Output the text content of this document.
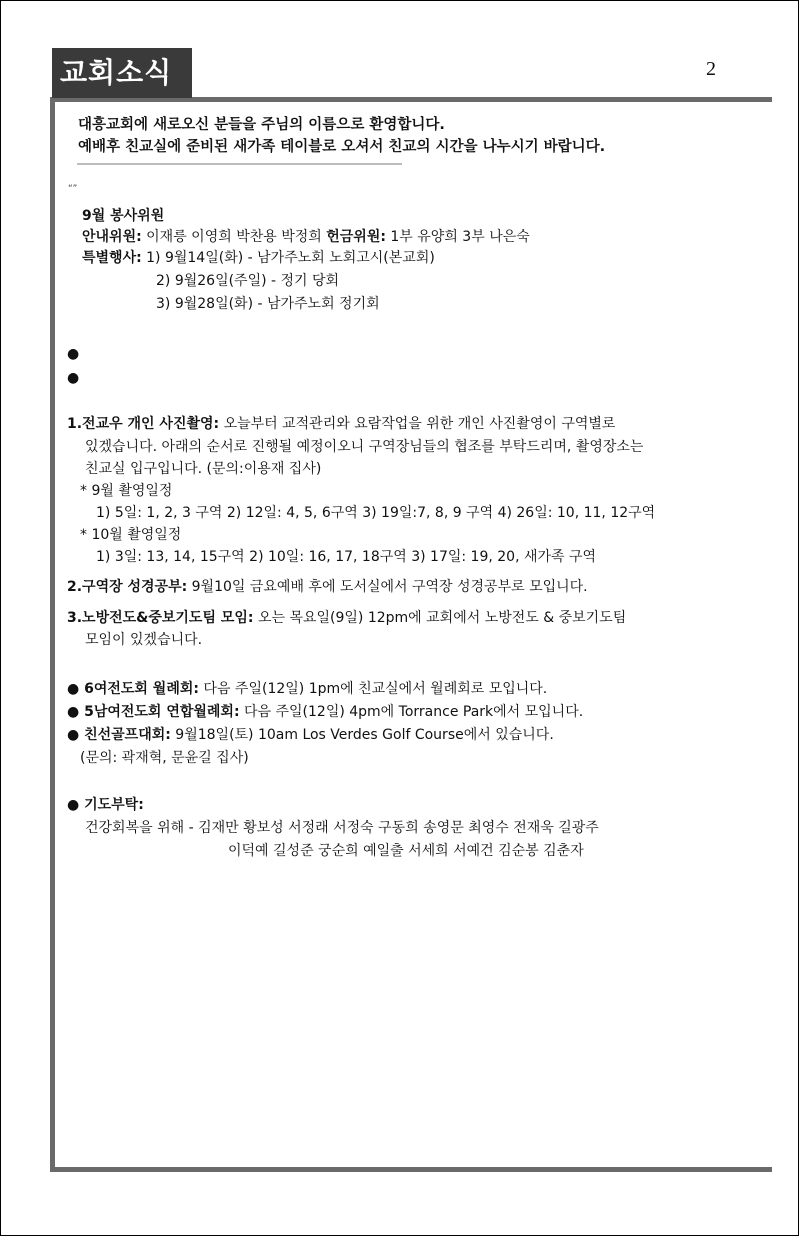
교회소식	2
대흥교회에 새로오신 분들을 주님의 이름으로 환영합니다.
예배후 친교실에 준비된 새가족 테이블로 오셔서 친교의 시간을 나누시기 바랍니다.
“”
9월 봉사위원
안내위원: 이재릉 이영희 박찬용 박정희 헌금위원: 1부 유양희 3부 나은숙
특별행사: 1) 9월14일(화) - 남가주노회 노회고시(본교회)
2) 9월26일(주일) - 정기 당회
3) 9월28일(화) - 남가주노회 정기회
●
●
1.전교우 개인 사진촬영: 오늘부터 교적관리와 요람작업을 위한 개인 사진촬영이 구역별로
있겠습니다. 아래의 순서로 진행될 예정이오니 구역장님들의 협조를 부탁드리며, 촬영장소는
친교실 입구입니다. (문의:이용재 집사)
* 9월 촬영일정
1) 5일: 1, 2, 3 구역 2) 12일: 4, 5, 6구역 3) 19일:7, 8, 9 구역 4) 26일: 10, 11, 12구역
* 10월 촬영일정
1) 3일: 13, 14, 15구역 2) 10일: 16, 17, 18구역 3) 17일: 19, 20, 새가족 구역
2.구역장 성경공부: 9월10일 금요예배 후에 도서실에서 구역장 성경공부로 모입니다.
3.노방전도&중보기도팀 모임: 오는 목요일(9일) 12pm에 교회에서 노방전도 & 중보기도팀
모임이 있겠습니다.
● 6여전도회 월례회: 다음 주일(12일) 1pm에 친교실에서 월례회로 모입니다.
● 5남여전도회 연합월례회: 다음 주일(12일) 4pm에 Torrance Park에서 모입니다.
● 친선골프대회: 9월18일(토) 10am Los Verdes Golf Course에서 있습니다.
(문의: 곽재혁, 문윤길 집사)
● 기도부탁:
건강회복을 위해 - 김재만 황보성 서정래 서정숙 구동희 송영문 최영수 전재욱 길광주
이덕예 길성준 궁순희 예일출 서세희 서예건 김순봉 김춘자
